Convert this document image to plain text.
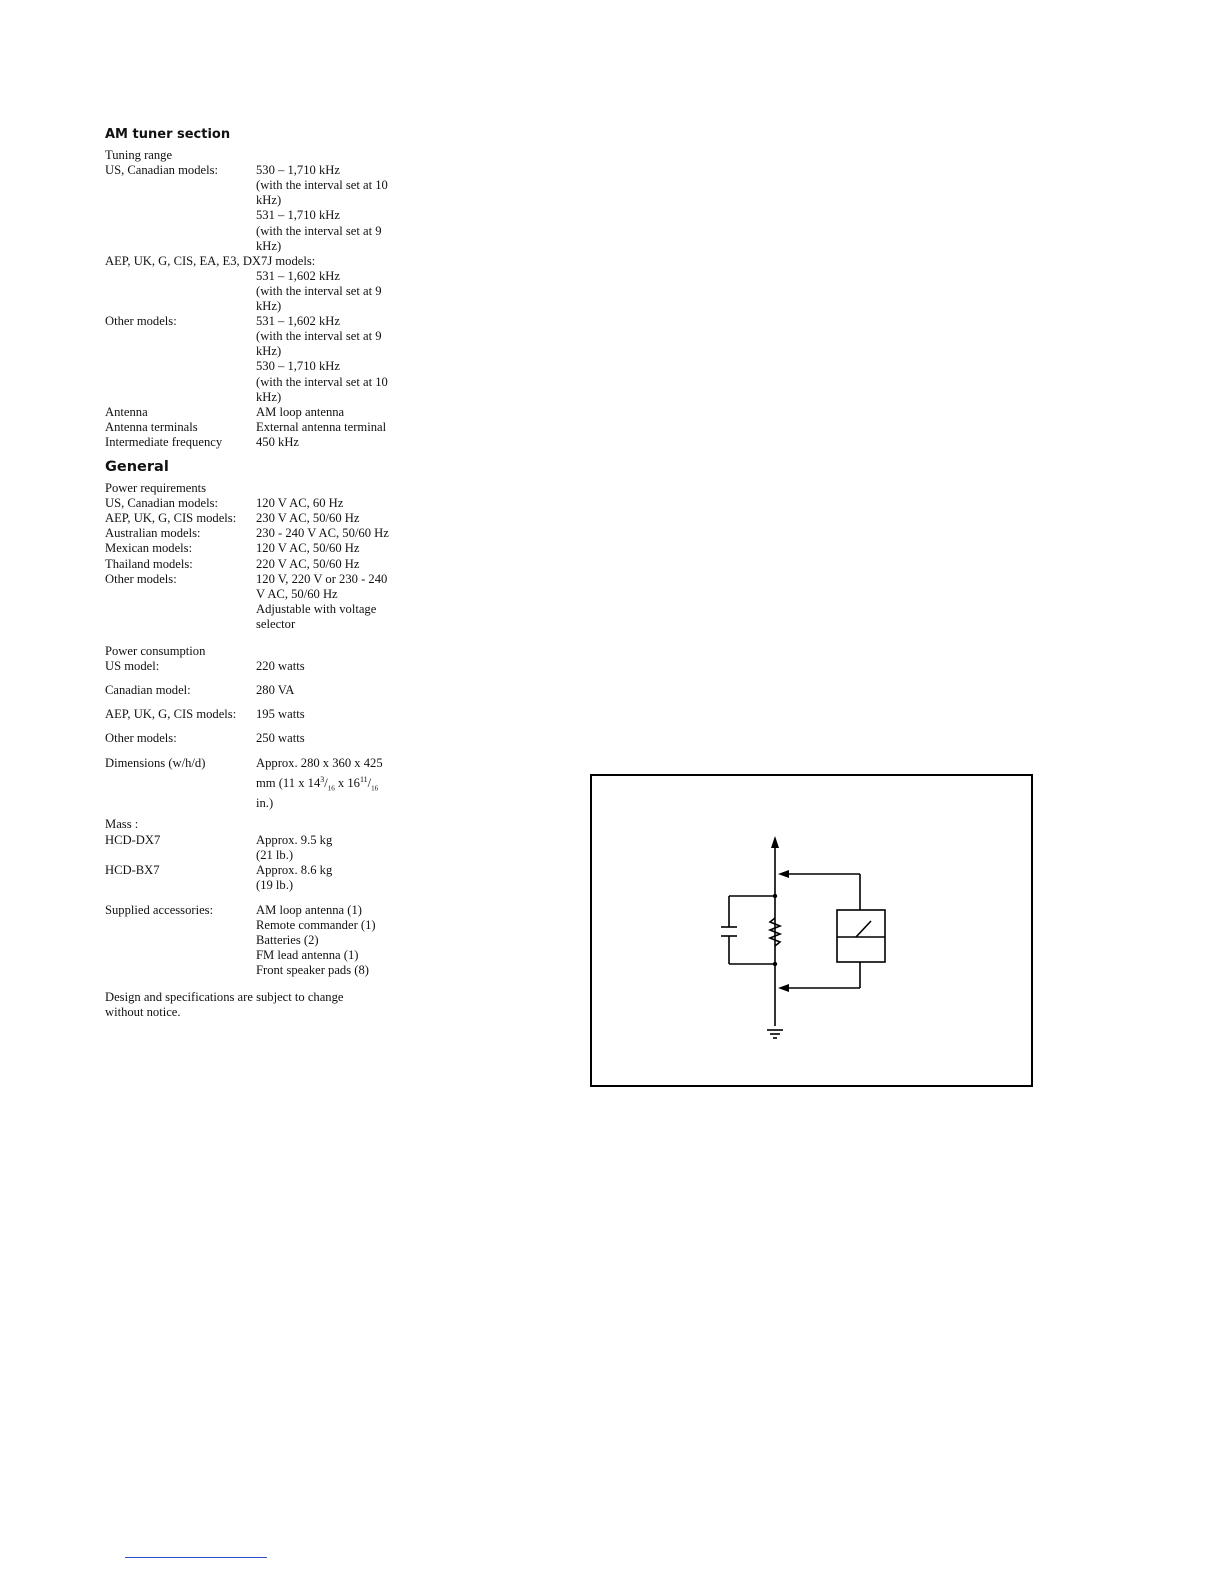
AM tuner section
Tuning range
US, Canadian models:	530 – 1,710 kHz
(with the interval set at 10
kHz)
531 – 1,710 kHz
(with the interval set at 9
kHz)
AEP, UK, G, CIS, EA, E3, DX7J models:
531 – 1,602 kHz
(with the interval set at 9
kHz)
Other models:	531 – 1,602 kHz
(with the interval set at 9
kHz)
530 – 1,710 kHz
(with the interval set at 10
kHz)
Antenna	AM loop antenna
Antenna terminals	External antenna terminal
Intermediate frequency	450 kHz
General
Power requirements
US, Canadian models:	120 V AC, 60 Hz
AEP, UK, G, CIS models:	230 V AC, 50/60 Hz
Australian models:	230 - 240 V AC, 50/60 Hz
Mexican models:	120 V AC, 50/60 Hz
Thailand models:	220 V AC, 50/60 Hz
Other models:	120 V, 220 V or 230 - 240
V AC, 50/60 Hz
Adjustable with voltage
selector
Power consumption
US model:	220 watts
Canadian model:	280 VA
AEP, UK, G, CIS models:	195 watts
Other models:	250 watts
Dimensions (w/h/d)	Approx. 280 x 360 x 425
mm (11 x $14^3/_{16}$ x $16^{11}/_{16}$
in.)
Mass :
HCD-DX7	Approx. 9.5 kg
(21 lb.)
HCD-BX7	Approx. 8.6 kg
(19 lb.)
Supplied accessories:	AM loop antenna (1)
Remote commander (1)
Batteries (2)
FM lead antenna (1)
Front speaker pads (8)
Design and specifications are subject to change
without notice.
